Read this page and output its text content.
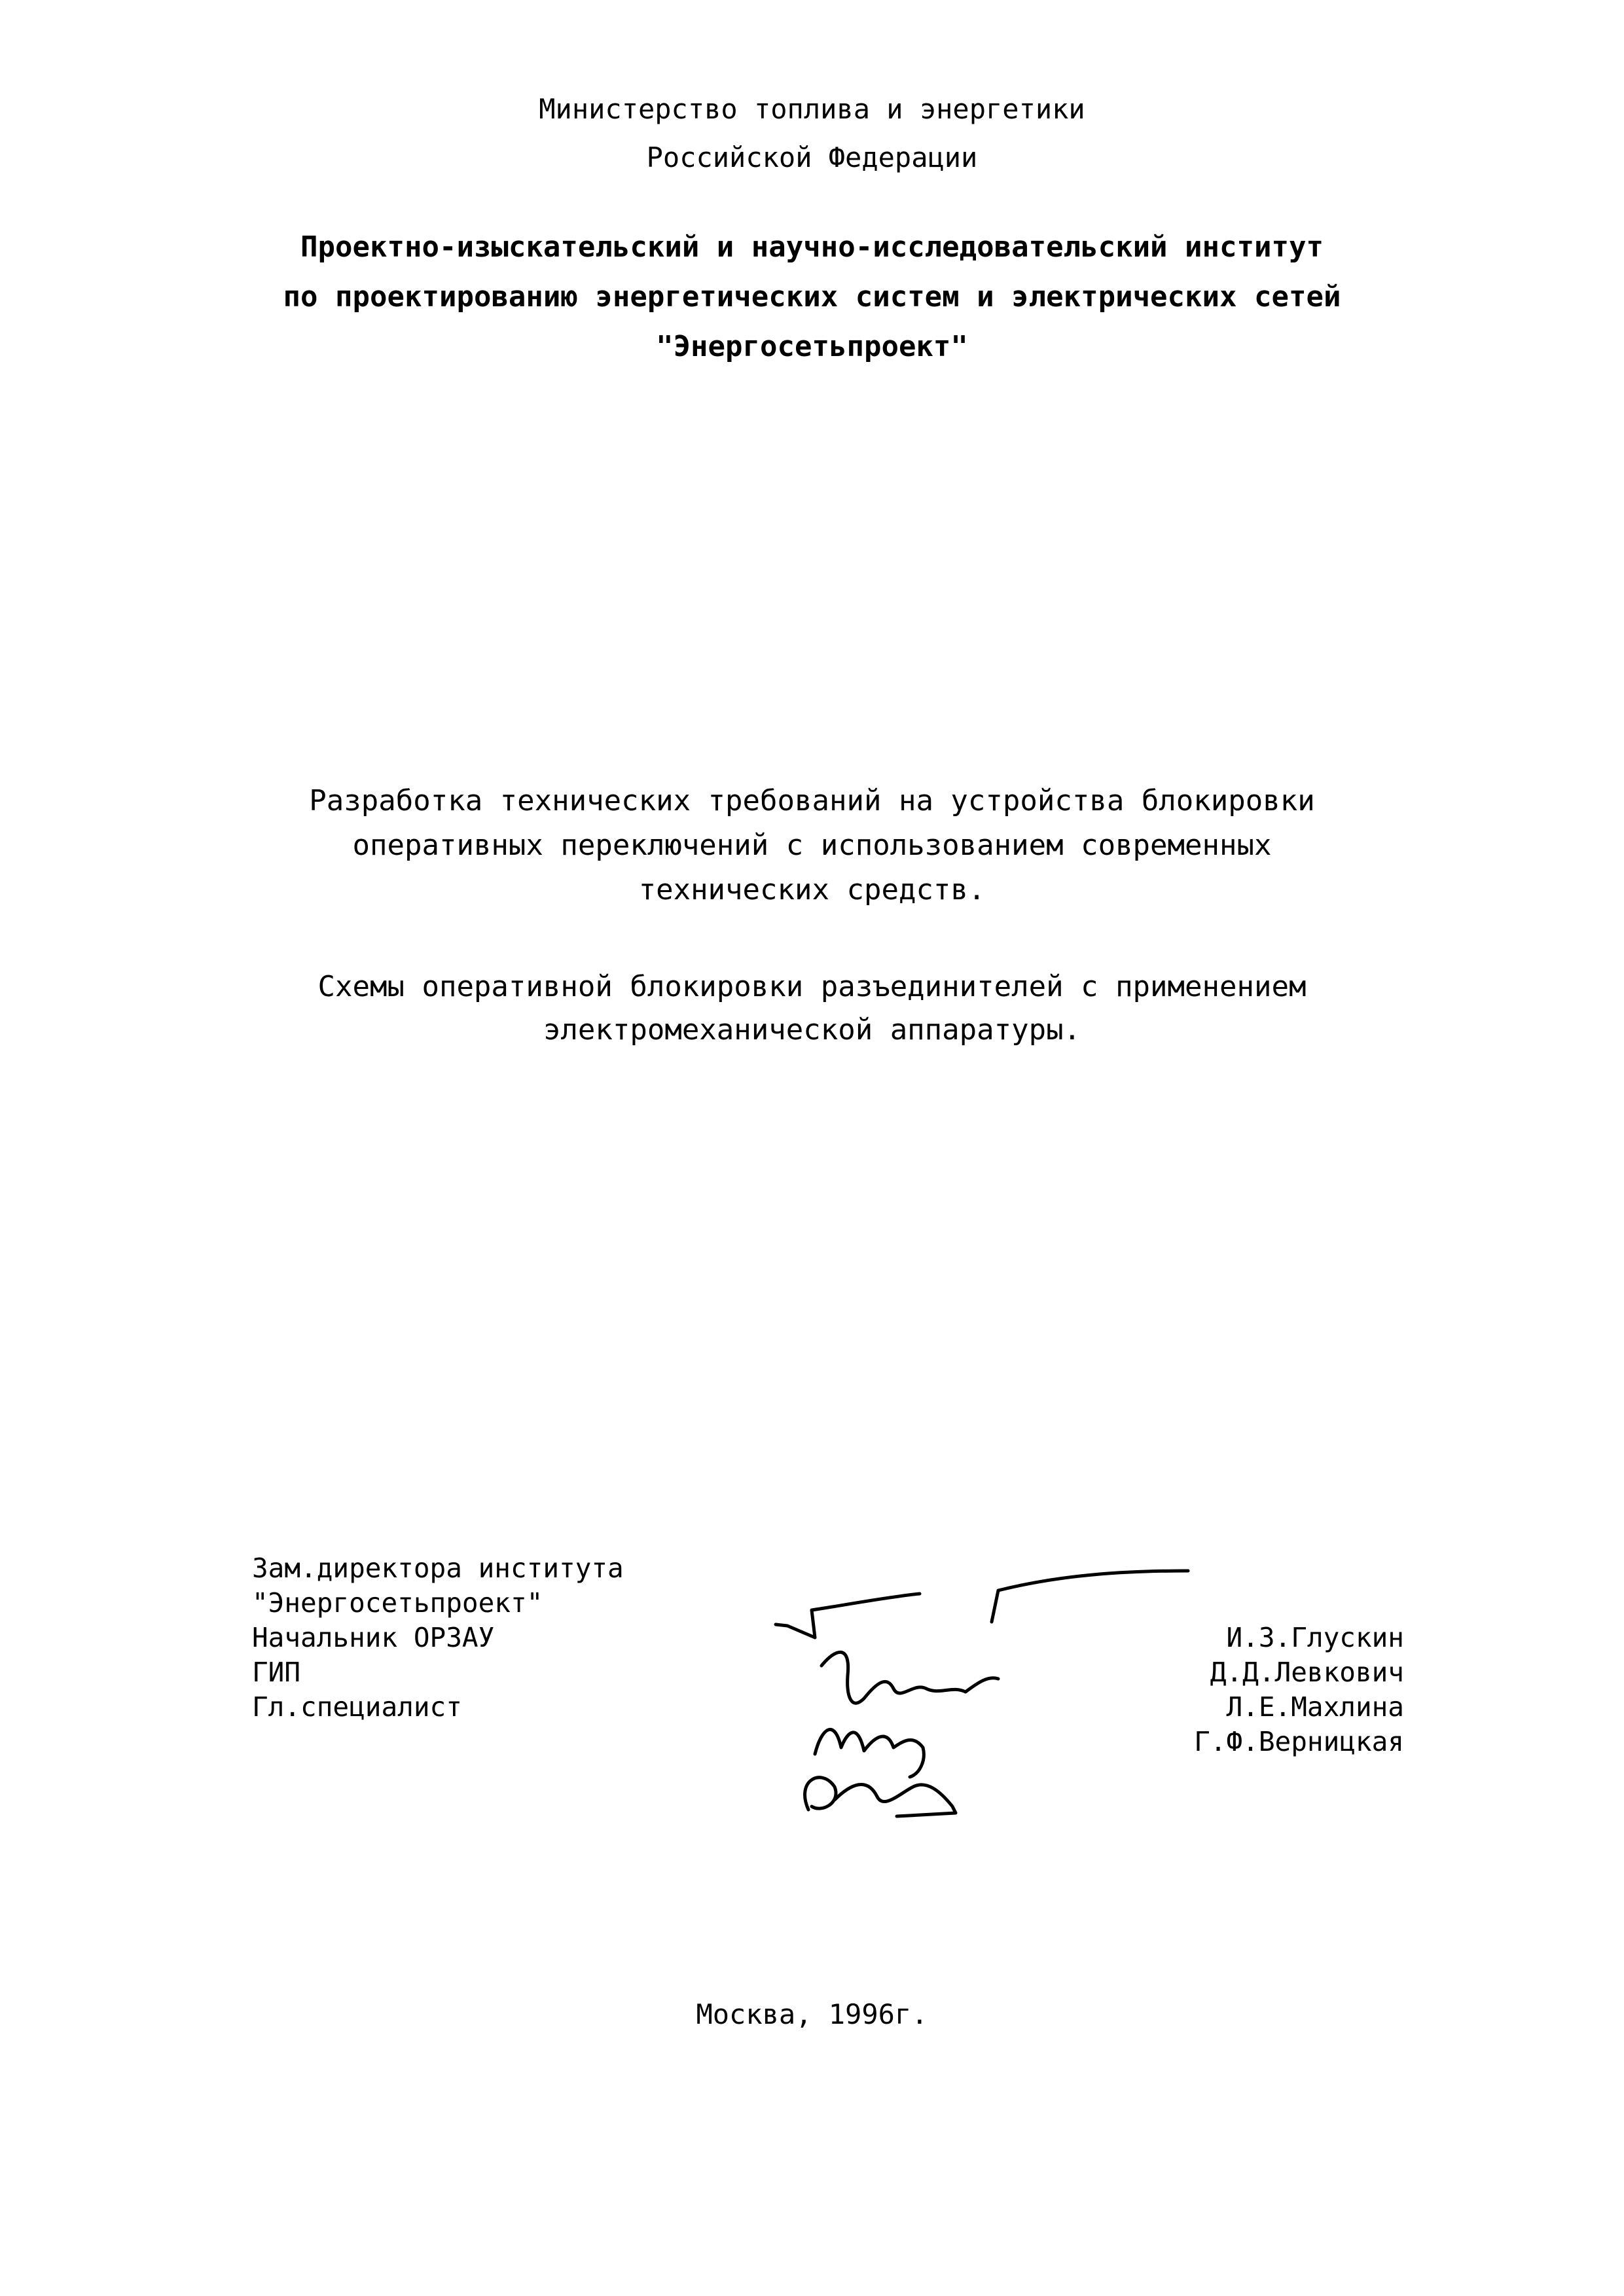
Министерство топлива и энергетики
Российской Федерации
Проектно-изыскательский и научно-исследовательский институт
по проектированию энергетических систем и электрических сетей
"Энергосетьпроект"
Разработка технических требований на устройства блокировки
оперативных переключений с использованием современных
технических средств.
Схемы оперативной блокировки разъединителей с применением
электромеханической аппаратуры.
Зам.директора института
"Энергосетьпроект"
Начальник ОРЗАУ
ГИП
Гл.специалист
И.З.Глускин
Д.Д.Левкович
Л.Е.Махлина
Г.Ф.Верницкая
Москва, 1996г.
